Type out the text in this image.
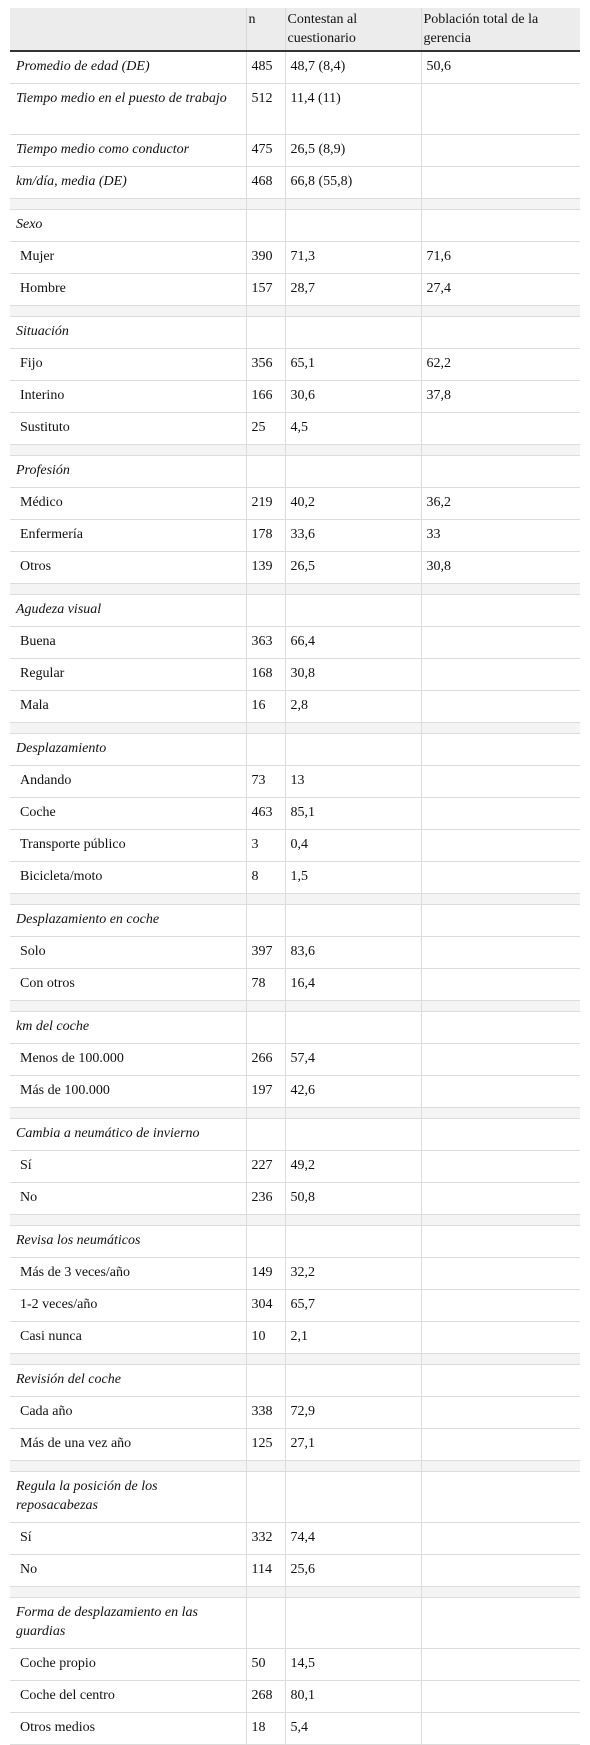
	n	Contestan al cuestionario	Población total de la gerencia
Promedio de edad (DE)	485	48,7 (8,4)	50,6
Tiempo medio en el puesto de trabajo	512	11,4 (11)	
Tiempo medio como conductor	475	26,5 (8,9)	
km/día, media (DE)	468	66,8 (55,8)	

Sexo			
Mujer	390	71,3	71,6
Hombre	157	28,7	27,4

Situación			
Fijo	356	65,1	62,2
Interino	166	30,6	37,8
Sustituto	25	4,5	

Profesión			
Médico	219	40,2	36,2
Enfermería	178	33,6	33
Otros	139	26,5	30,8

Agudeza visual			
Buena	363	66,4	
Regular	168	30,8	
Mala	16	2,8	

Desplazamiento			
Andando	73	13	
Coche	463	85,1	
Transporte público	3	0,4	
Bicicleta/moto	8	1,5	

Desplazamiento en coche			
Solo	397	83,6	
Con otros	78	16,4	

km del coche			
Menos de 100.000	266	57,4	
Más de 100.000	197	42,6	

Cambia a neumático de invierno			
Sí	227	49,2	
No	236	50,8	

Revisa los neumáticos			
Más de 3 veces/año	149	32,2	
1-2 veces/año	304	65,7	
Casi nunca	10	2,1	

Revisión del coche			
Cada año	338	72,9	
Más de una vez año	125	27,1	

Regula la posición de los reposacabezas			
Sí	332	74,4	
No	114	25,6	

Forma de desplazamiento en las guardias			
Coche propio	50	14,5	
Coche del centro	268	80,1	
Otros medios	18	5,4	
